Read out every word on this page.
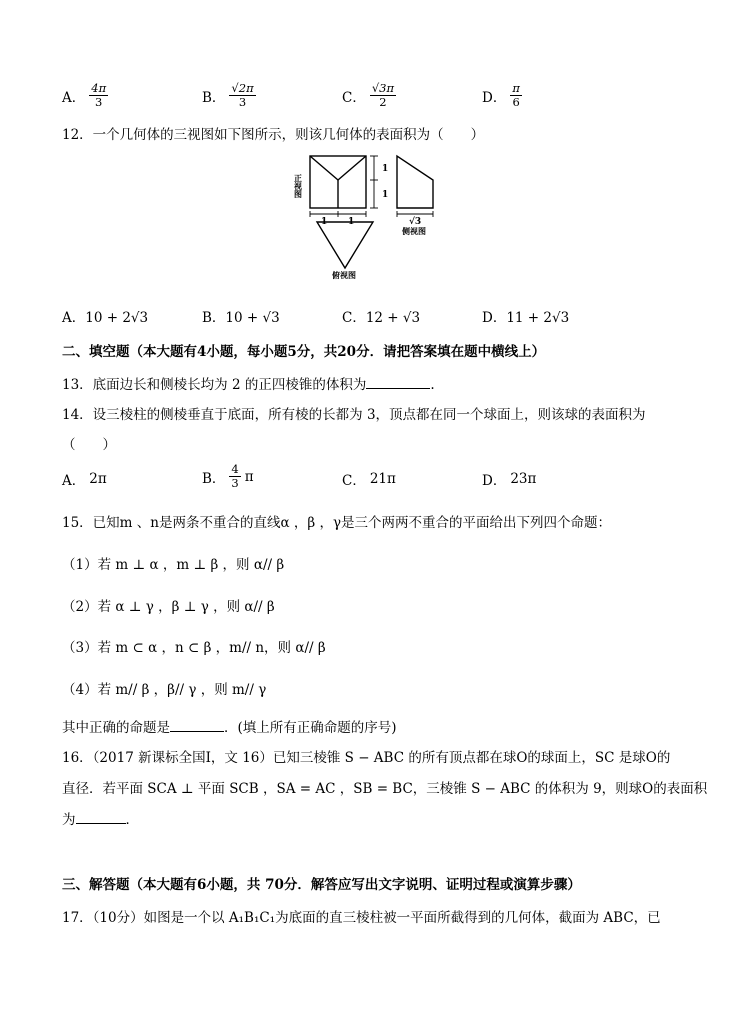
A． $\frac{4\pi}{3}$	B． $\frac{√2\pi}{3}$	C． $\frac{√3\pi}{2}$	D． $\frac{\pi}{6}$
12．一个几何体的三视图如下图所示，则该几何体的表面积为（　　）
1
1
1 1	√3
正视图
侧视图
俯视图
A．10 + 2√3	B．10 + √3	C．12 + √3	D．11 + 2√3
二、填空题（本大题有4小题，每小题5分，共20分．请把答案填在题中横线上）
13．底面边长和侧棱长均为 2 的正四棱锥的体积为	.
14．设三棱柱的侧棱垂直于底面，所有棱的长都为 3，顶点都在同一个球面上，则该球的表面积为
（　　）
A． 2π	B． $\frac{4}{3}$ π	C． 21π	D． 23π
15．已知m 、n是两条不重合的直线α ，β ，γ是三个两两不重合的平面给出下列四个命题：
（1）若 m ⊥ α ，m ⊥ β ，则 α// β
（2）若 α ⊥ γ ，β ⊥ γ ，则 α// β
（3）若 m ⊂ α ，n ⊂ β ，m// n，则 α// β
（4）若 m// β ，β// γ ，则 m// γ
其中正确的命题是	．(填上所有正确命题的序号)
16．（2017 新课标全国Ⅰ，文 16）已知三棱锥 S − ABC 的所有顶点都在球O的球面上，SC 是球O的
直径．若平面 SCA ⊥ 平面 SCB ，SA = AC ，SB = BC，三棱锥 S − ABC 的体积为 9，则球O的表面积
为	．
三、解答题（本大题有6小题，共 70分．解答应写出文字说明、证明过程或演算步骤）
17．（10分）如图是一个以 A₁B₁C₁为底面的直三棱柱被一平面所截得到的几何体，截面为 ABC，已
